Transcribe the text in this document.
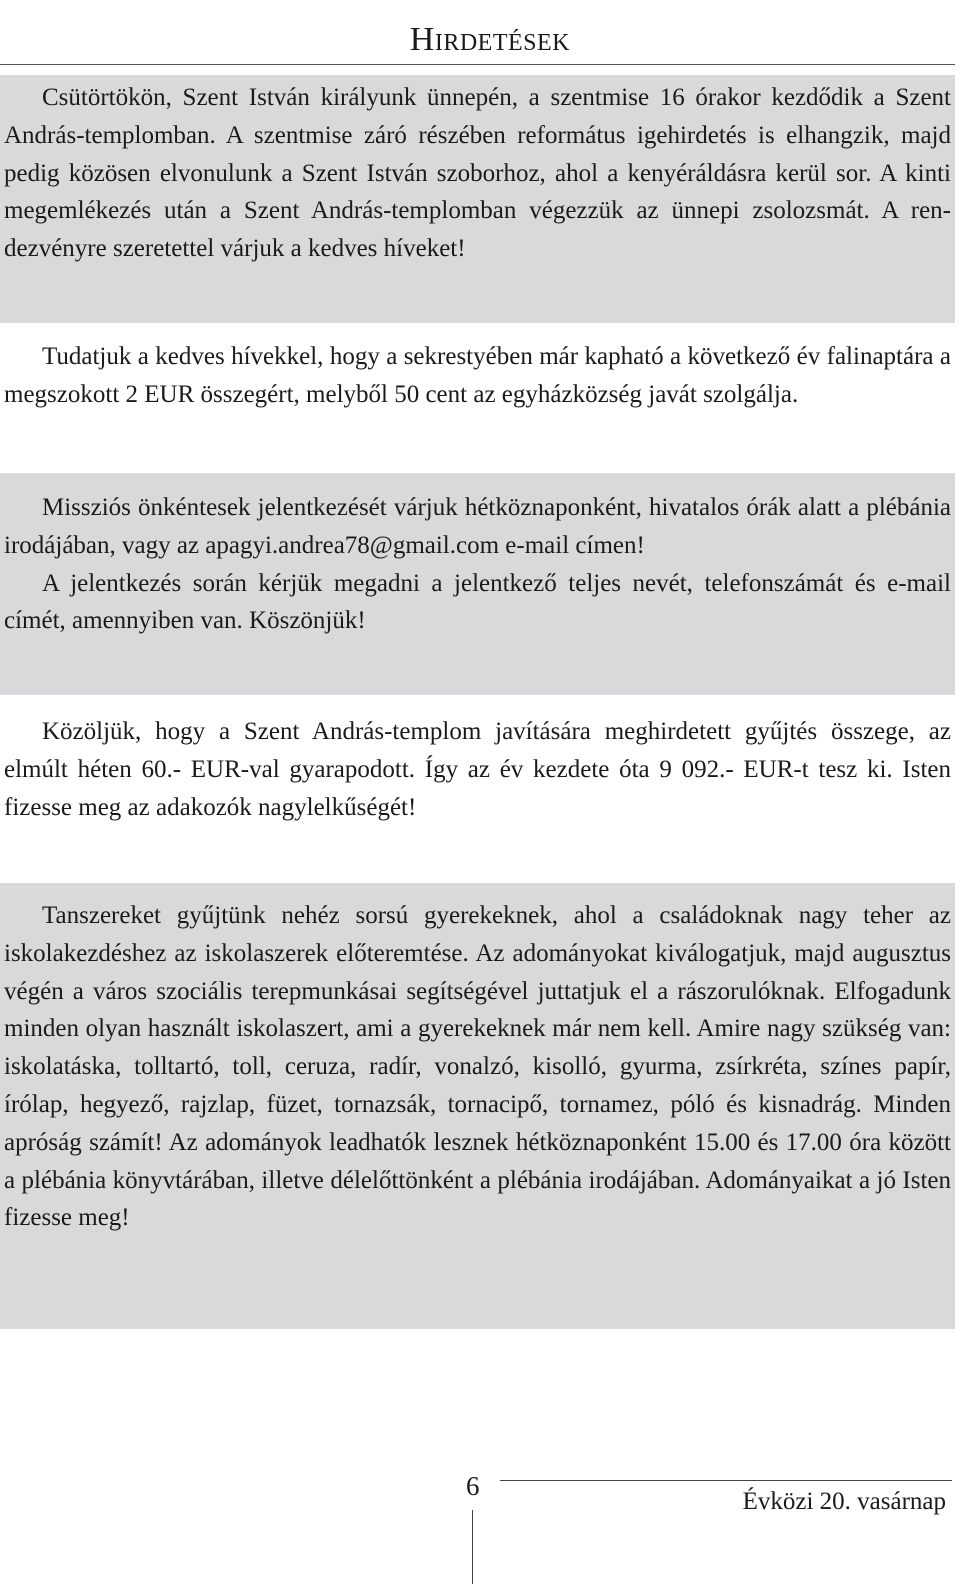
Hirdetések

Csütörtökön, Szent István királyunk ünnepén, a szentmise 16 órakor kezdődik a Szent András-templomban. A szentmise záró részében református igehirdetés is elhangzik, majd pedig közösen elvonulunk a Szent István szoborhoz, ahol a kenyéráldásra kerül sor. A kinti megemlékezés után a Szent András-templomban végezzük az ünnepi zsolozsmát. A rendezvényre szeretettel várjuk a kedves híveket!

Tudatjuk a kedves hívekkel, hogy a sekrestyében már kapható a következő év falinaptára a megszokott 2 EUR összegért, melyből 50 cent az egyházközség javát szolgálja.

Missziós önkéntesek jelentkezését várjuk hétköznaponként, hivatalos órák alatt a plébánia irodájában, vagy az apagyi.andrea78@gmail.com e-mail címen!

A jelentkezés során kérjük megadni a jelentkező teljes nevét, telefonszámát és e-mail címét, amennyiben van. Köszönjük!

Közöljük, hogy a Szent András-templom javítására meghirdetett gyűjtés összege, az elmúlt héten 60.- EUR-val gyarapodott. Így az év kezdete óta 9 092.- EUR-t tesz ki. Isten fizesse meg az adakozók nagylelkűségét!

Tanszereket gyűjtünk nehéz sorsú gyerekeknek, ahol a családoknak nagy teher az iskolakezdéshez az iskolaszerek előteremtése. Az adományokat kiválogatjuk, majd augusztus végén a város szociális terepmunkásai segítségével juttatjuk el a rászorulóknak. Elfogadunk minden olyan használt iskolaszert, ami a gyerekeknek már nem kell. Amire nagy szükség van: iskolatáska, tolltartó, toll, ceruza, radír, vonalzó, kisolló, gyurma, zsírkréta, színes papír, írólap, hegyező, rajzlap, füzet, tornazsák, tornacipő, tornamez, póló és kisnadrág. Minden apróság számít! Az adományok leadhatók lesznek hétköznaponként 15.00 és 17.00 óra között a plébánia könyvtárában, illetve délelőttönként a plébánia irodájában. Adományaikat a jó Isten fizesse meg!

6
Évközi 20. vasárnap
